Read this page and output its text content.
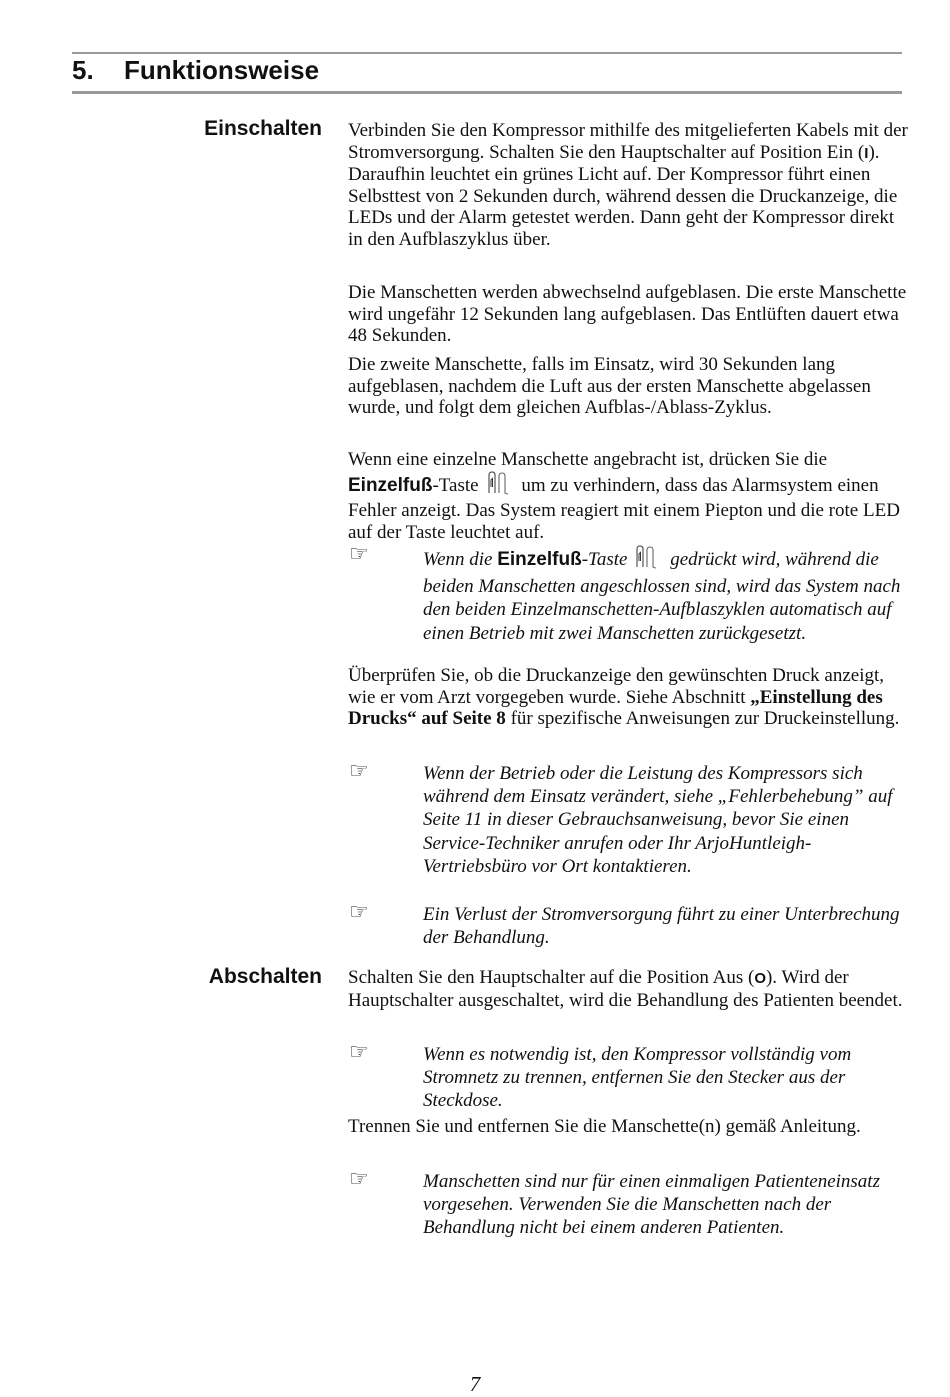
5. Funktionsweise
Einschalten Verbinden Sie den Kompressor mithilfe des mitgelieferten Kabels mit der Stromversorgung. Schalten Sie den Hauptschalter auf Position Ein (I). Daraufhin leuchtet ein grünes Licht auf. Der Kompressor führt einen Selbsttest von 2 Sekunden durch, während dessen die Druckanzeige, die LEDs und der Alarm getestet werden. Dann geht der Kompressor direkt in den Aufblaszyklus über.
Die Manschetten werden abwechselnd aufgeblasen. Die erste Manschette wird ungefähr 12 Sekunden lang aufgeblasen. Das Entlüften dauert etwa 48 Sekunden.
Die zweite Manschette, falls im Einsatz, wird 30 Sekunden lang aufgeblasen, nachdem die Luft aus der ersten Manschette abgelassen wurde, und folgt dem gleichen Aufblas-/Ablass-Zyklus.
Wenn eine einzelne Manschette angebracht ist, drücken Sie die Einzelfuß-Taste um zu verhindern, dass das Alarmsystem einen Fehler anzeigt. Das System reagiert mit einem Piepton und die rote LED auf der Taste leuchtet auf.
☞	Wenn die Einzelfuß-Taste gedrückt wird, während die beiden Manschetten angeschlossen sind, wird das System nach den beiden Einzelmanschetten-Aufblaszyklen automatisch auf einen Betrieb mit zwei Manschetten zurückgesetzt.
Überprüfen Sie, ob die Druckanzeige den gewünschten Druck anzeigt, wie er vom Arzt vorgegeben wurde. Siehe Abschnitt „Einstellung des Drucks“ auf Seite 8 für spezifische Anweisungen zur Druckeinstellung.
☞	Wenn der Betrieb oder die Leistung des Kompressors sich während dem Einsatz verändert, siehe „Fehlerbehebung” auf Seite 11 in dieser Gebrauchsanweisung, bevor Sie einen Service-Techniker anrufen oder Ihr ArjoHuntleigh-Vertriebsbüro vor Ort kontaktieren.
☞	Ein Verlust der Stromversorgung führt zu einer Unterbrechung der Behandlung.
Abschalten Schalten Sie den Hauptschalter auf die Position Aus (O). Wird der Hauptschalter ausgeschaltet, wird die Behandlung des Patienten beendet.
☞	Wenn es notwendig ist, den Kompressor vollständig vom Stromnetz zu trennen, entfernen Sie den Stecker aus der Steckdose.
Trennen Sie und entfernen Sie die Manschette(n) gemäß Anleitung.
☞	Manschetten sind nur für einen einmaligen Patienteneinsatz vorgesehen. Verwenden Sie die Manschetten nach der Behandlung nicht bei einem anderen Patienten.
7
